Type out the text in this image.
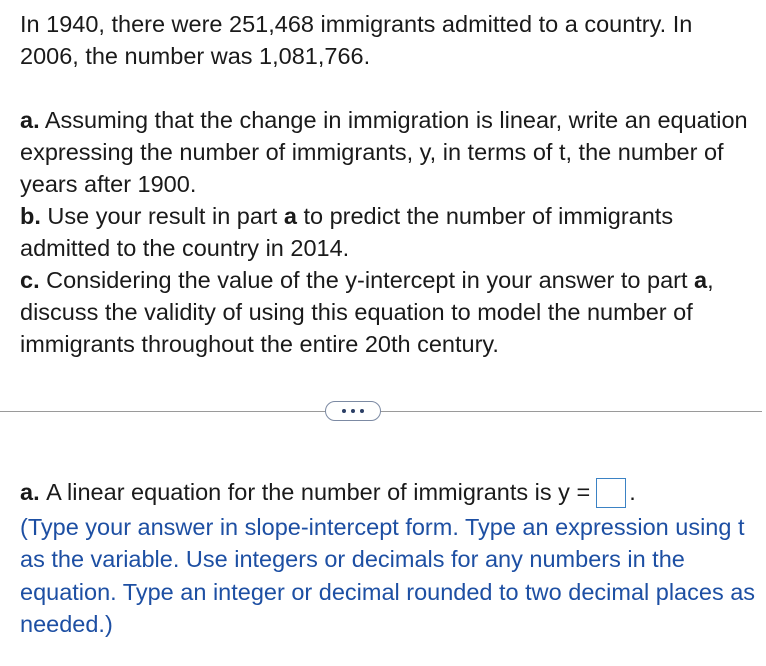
In 1940, there were 251,468 immigrants admitted to a country. In 2006, the number was 1,081,766.

a. Assuming that the change in immigration is linear, write an equation expressing the number of immigrants, y, in terms of t, the number of years after 1900.

b. Use your result in part a to predict the number of immigrants admitted to the country in 2014.

c. Considering the value of the y-intercept in your answer to part a, discuss the validity of using this equation to model the number of immigrants throughout the entire 20th century.

a.
A linear equation for the number of immigrants is y = .

(Type your answer in slope-intercept form. Type an expression using t as the variable. Use integers or decimals for any numbers in the equation. Type an integer or decimal rounded to two decimal places as needed.)
